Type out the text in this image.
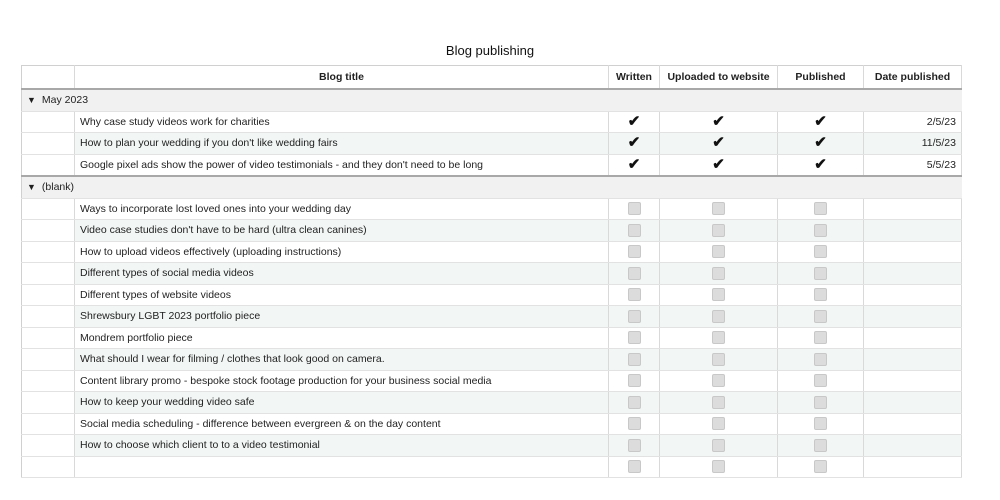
Blog publishing
	Blog title	Written	Uploaded to website	Published	Date published
▼ May 2023					
	Why case study videos work for charities	✔	✔	✔	2/5/23
	How to plan your wedding if you don't like wedding fairs	✔	✔	✔	11/5/23
	Google pixel ads show the power of video testimonials - and they don't need to be long	✔	✔	✔	5/5/23
▼ (blank)					
	Ways to incorporate lost loved ones into your wedding day				
	Video case studies don't have to be hard (ultra clean canines)				
	How to upload videos effectively (uploading instructions)				
	Different types of social media videos				
	Different types of website videos				
	Shrewsbury LGBT 2023 portfolio piece				
	Mondrem portfolio piece				
	What should I wear for filming / clothes that look good on camera.				
	Content library promo - bespoke stock footage production for your business social media				
	How to keep your wedding video safe				
	Social media scheduling - difference between evergreen & on the day content				
	How to choose which client to to a video testimonial				
